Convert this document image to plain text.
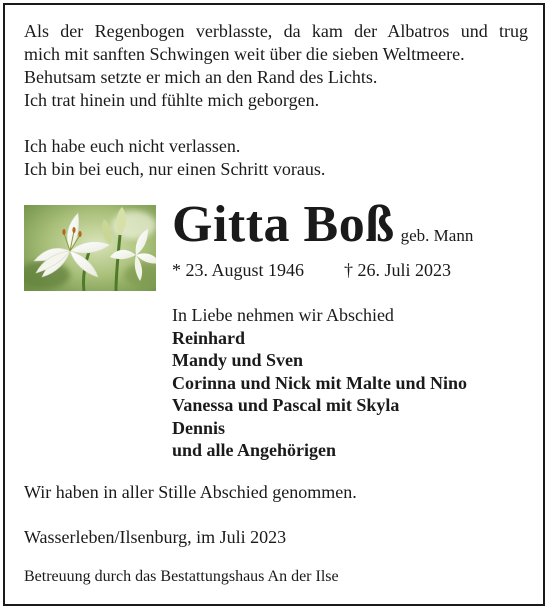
Als der Regenbogen verblasste, da kam der Albatros und trug
mich mit sanften Schwingen weit über die sieben Weltmeere.
Behutsam setzte er mich an den Rand des Lichts.
Ich trat hinein und fühlte mich geborgen.
Ich habe euch nicht verlassen.
Ich bin bei euch, nur einen Schritt voraus.
Gitta Boß geb. Mann
* 23. August 1946 † 26. Juli 2023
In Liebe nehmen wir Abschied
Reinhard
Mandy und Sven
Corinna und Nick mit Malte und Nino
Vanessa und Pascal mit Skyla
Dennis
und alle Angehörigen
Wir haben in aller Stille Abschied genommen.
Wasserleben/Ilsenburg, im Juli 2023
Betreuung durch das Bestattungshaus An der Ilse
